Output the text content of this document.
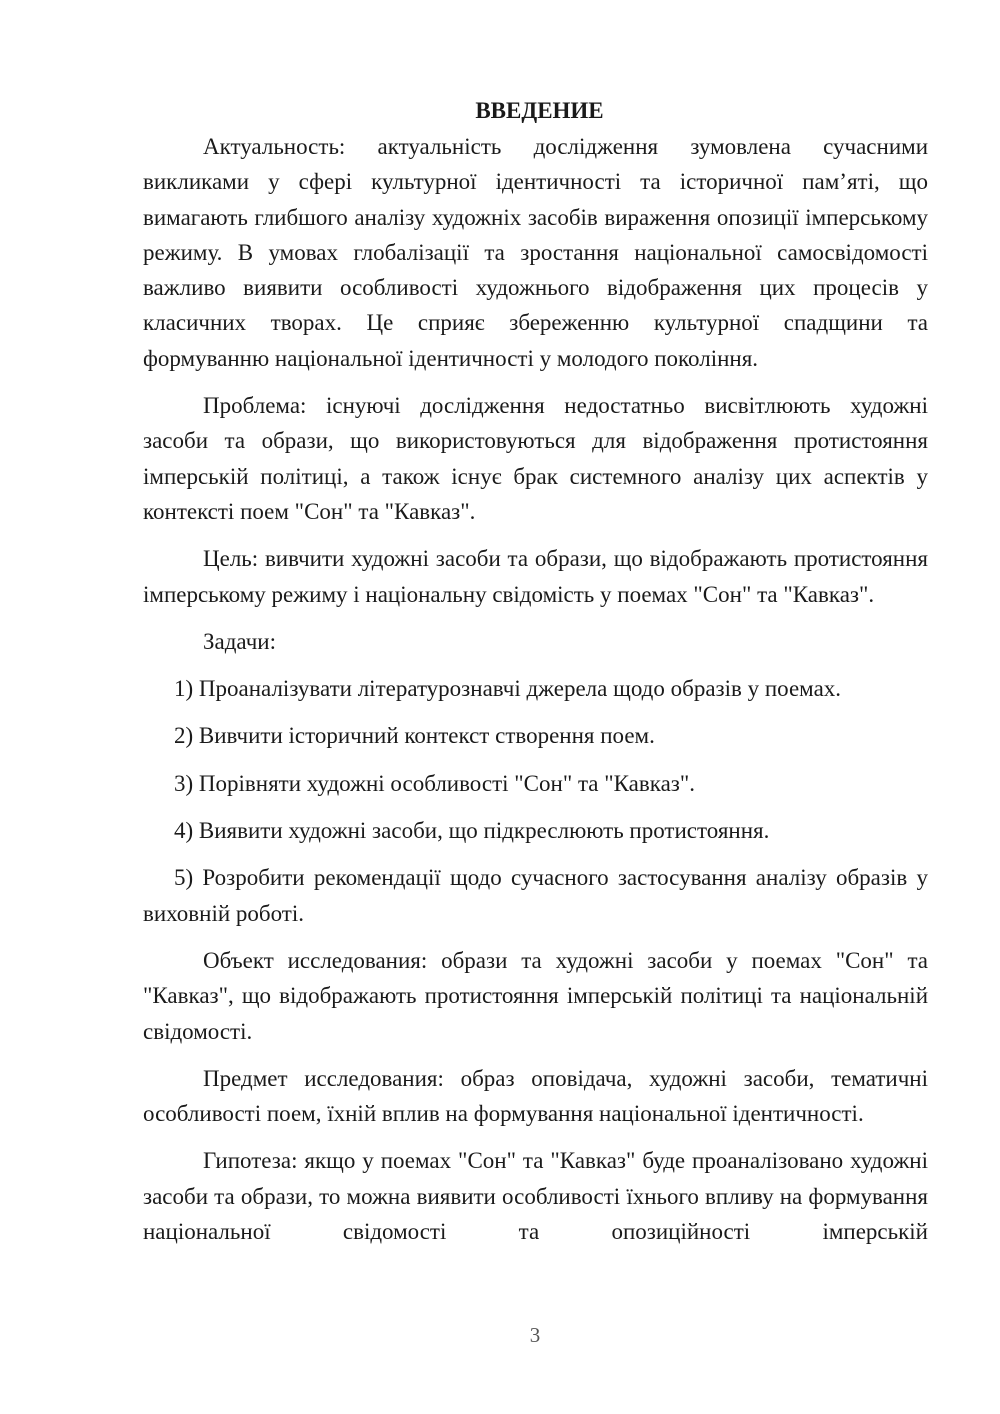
ВВЕДЕНИЕ

Актуальность: актуальність дослідження зумовлена сучасними викликами у сфері культурної ідентичності та історичної пам’яті, що вимагають глибшого аналізу художніх засобів вираження опозиції імперському режиму. В умовах глобалізації та зростання національної самосвідомості важливо виявити особливості художнього відображення цих процесів у класичних творах. Це сприяє збереженню культурної спадщини та формуванню національної ідентичності у молодого покоління.

Проблема: існуючі дослідження недостатньо висвітлюють художні засоби та образи, що використовуються для відображення протистояння імперській політиці, а також існує брак системного аналізу цих аспектів у контексті поем "Сон" та "Кавказ".

Цель: вивчити художні засоби та образи, що відображають протистояння імперському режиму і національну свідомість у поемах "Сон" та "Кавказ".

Задачи:

1) Проаналізувати літературознавчі джерела щодо образів у поемах.

2) Вивчити історичний контекст створення поем.

3) Порівняти художні особливості "Сон" та "Кавказ".

4) Виявити художні засоби, що підкреслюють протистояння.

5) Розробити рекомендації щодо сучасного застосування аналізу образів у виховній роботі.

Объект исследования: образи та художні засоби у поемах "Сон" та "Кавказ", що відображають протистояння імперській політиці та національній свідомості.

Предмет исследования: образ оповідача, художні засоби, тематичні особливості поем, їхній вплив на формування національної ідентичності.

Гипотеза: якщо у поемах "Сон" та "Кавказ" буде проаналізовано художні засоби та образи, то можна виявити особливості їхнього впливу на формування національної свідомості та опозиційності імперській

3
